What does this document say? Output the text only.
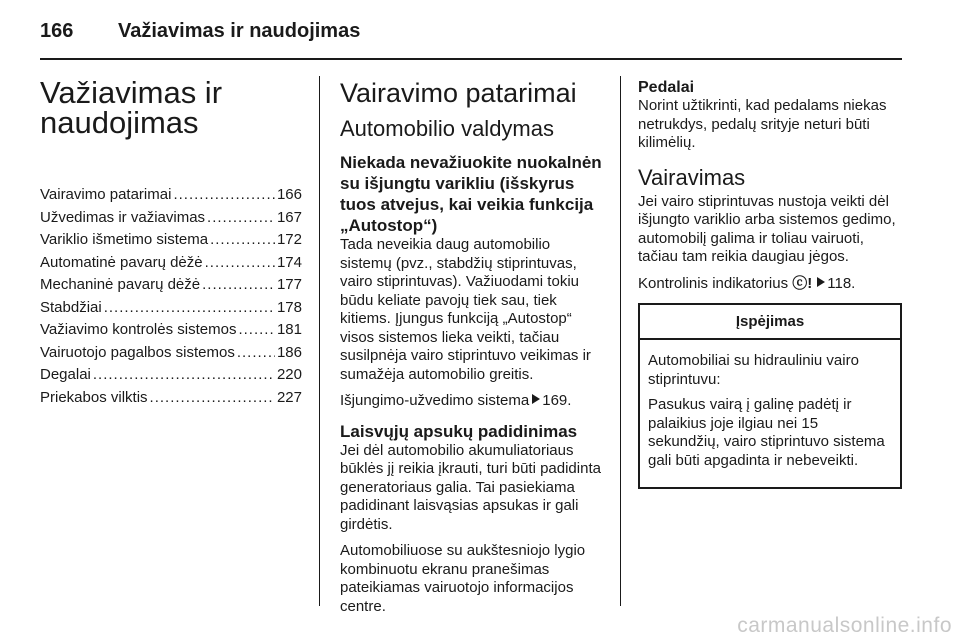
166 Važiavimas ir naudojimas
Važiavimas ir
naudojimas
Vairavimo patarimai .....	166
Užvedimas ir važiavimas .....	167
Variklio išmetimo sistema .....	172
Automatinė pavarų dėžė .....	174
Mechaninė pavarų dėžė .....	177
Stabdžiai .....	178
Važiavimo kontrolės sistemos .....	181
Vairuotojo pagalbos sistemos .....	186
Degalai .....	220
Priekabos vilktis .....	227
Vairavimo patarimai
Automobilio valdymas
Niekada nevažiuokite nuokalnėn su išjungtu varikliu (išskyrus tuos atvejus, kai veikia funkcija „Autostop“)

Tada neveikia daug automobilio sistemų (pvz., stabdžių stiprintuvas, vairo stiprintuvas). Važiuodami tokiu būdu keliate pavojų tiek sau, tiek kitiems. Įjungus funkciją „Autostop“ visos sistemos lieka veikti, tačiau susilpnėja vairo stiprintuvo veikimas ir sumažėja automobilio greitis.

Išjungimo-užvedimo sistema 169.

Laisvųjų apsukų padidinimas

Jei dėl automobilio akumuliatoriaus būklės jį reikia įkrauti, turi būti padidinta generatoriaus galia. Tai pasiekiama padidinant laisvąsias apsukas ir gali girdėtis.

Automobiliuose su aukštesniojo lygio kombinuotu ekranu pranešimas pateikiamas vairuotojo informacijos centre.

Pedalai

Norint užtikrinti, kad pedalams niekas netrukdys, pedalų srityje neturi būti kilimėlių.

Vairavimas

Jei vairo stiprintuvas nustoja veikti dėl išjungto variklio arba sistemos gedimo, automobilį galima ir toliau vairuoti, tačiau tam reikia daugiau jėgos.

Kontrolinis indikatorius ⓒ! 118.

Įspėjimas

Automobiliai su hidrauliniu vairo stiprintuvu:

Pasukus vairą į galinę padėtį ir palaikius joje ilgiau nei 15 sekundžių, vairo stiprintuvo sistema gali būti apgadinta ir nebeveikti.

carmanualsonline.info
